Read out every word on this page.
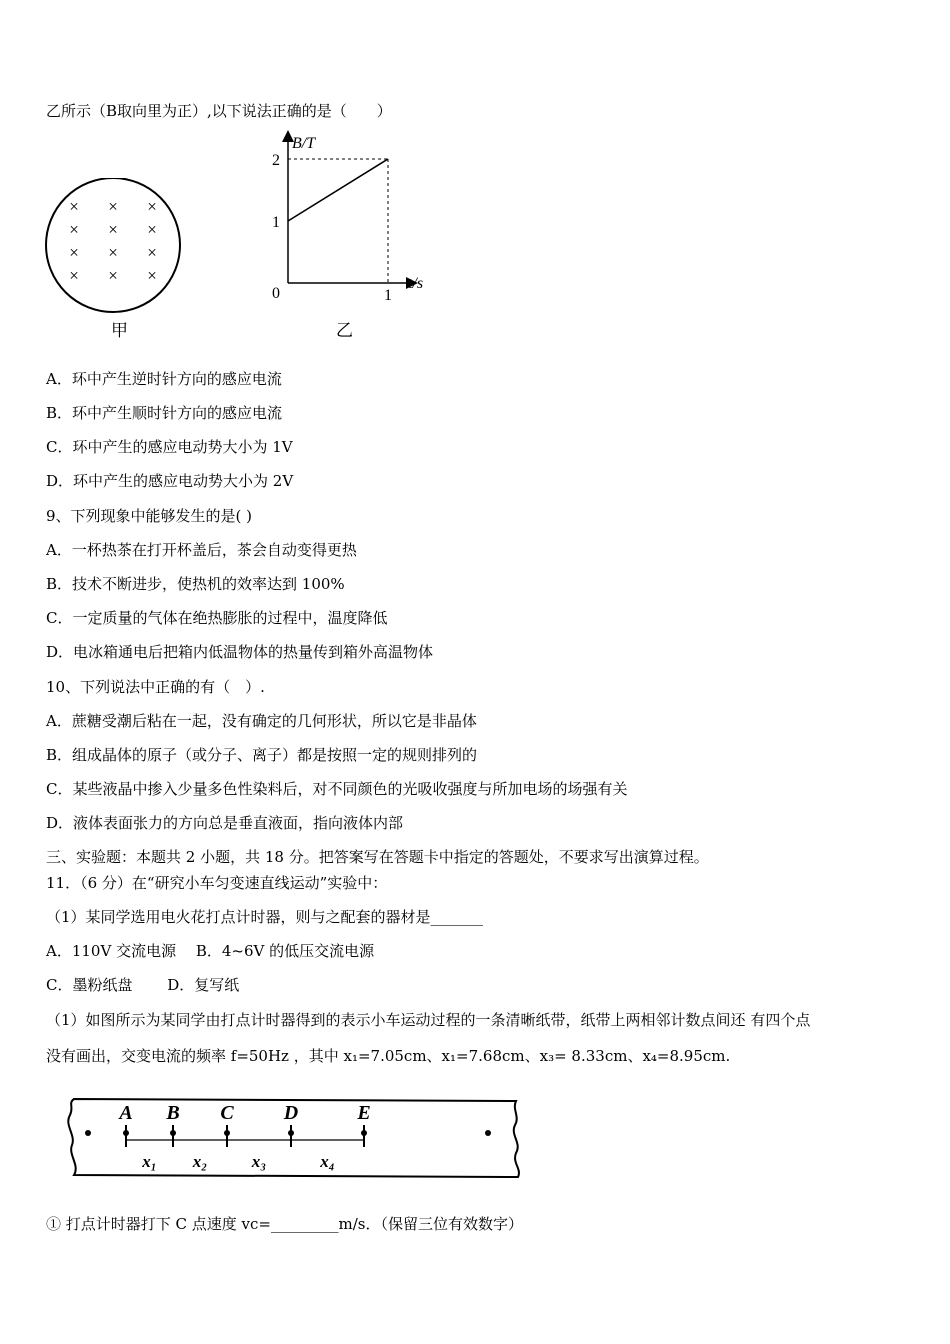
乙所示（B取向里为正）,以下说法正确的是（　　）
× × ×
× × ×
× × ×
× × ×
甲
B/T
t/s
0
2
1
1
乙
A．环中产生逆时针方向的感应电流
B．环中产生顺时针方向的感应电流
C．环中产生的感应电动势大小为 1V
D．环中产生的感应电动势大小为 2V
9、下列现象中能够发生的是( )
A．一杯热茶在打开杯盖后，茶会自动变得更热
B．技术不断进步，使热机的效率达到 100%
C．一定质量的气体在绝热膨胀的过程中，温度降低
D．电冰箱通电后把箱内低温物体的热量传到箱外高温物体
10、下列说法中正确的有（　）.
A．蔗糖受潮后粘在一起，没有确定的几何形状，所以它是非晶体
B．组成晶体的原子（或分子、离子）都是按照一定的规则排列的
C．某些液晶中掺入少量多色性染料后，对不同颜色的光吸收强度与所加电场的场强有关
D．液体表面张力的方向总是垂直液面，指向液体内部
三、实验题：本题共 2 小题，共 18 分。把答案写在答题卡中指定的答题处，不要求写出演算过程。
11．（6 分）在“研究小车匀变速直线运动”实验中：
（1）某同学选用电火花打点计时器，则与之配套的器材是_______
A．110V 交流电源　 B．4~6V 的低压交流电源
C．墨粉纸盘　　 D．复写纸
（1）如图所示为某同学由打点计时器得到的表示小车运动过程的一条清晰纸带，纸带上两相邻计数点间还 有四个点
没有画出，交变电流的频率 f=50Hz ，其中 x₁=7.05cm、x₁=7.68cm、x₃= 8.33cm、x₄=8.95cm.
A B C	D	E
x₁ x₂	x₃	x₄
① 打点计时器打下 C 点速度 vc=_________m/s．（保留三位有效数字）
